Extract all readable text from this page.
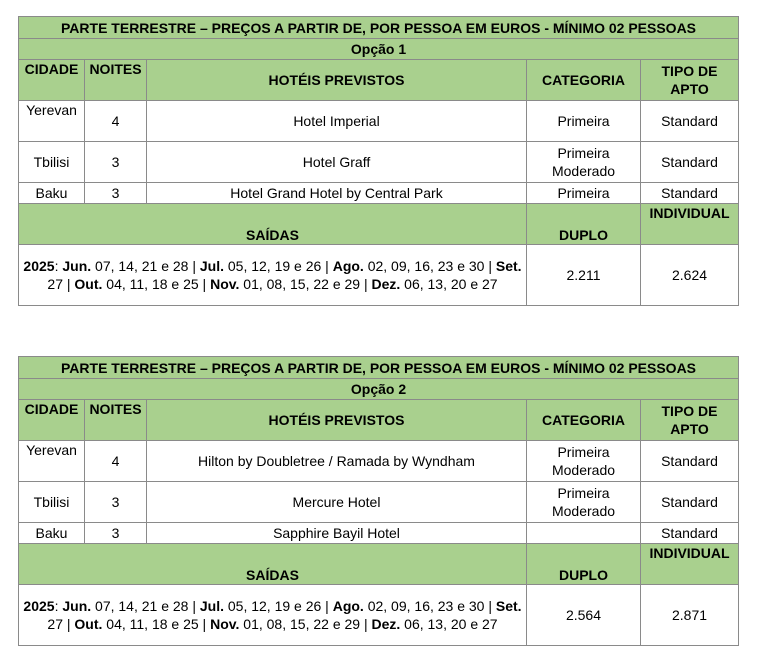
PARTE TERRESTRE – PREÇOS A PARTIR DE, POR PESSOA EM EUROS - MÍNIMO 02 PESSOAS				
Opção 1				
CIDADE	NOITES	HOTÉIS PREVISTOS	CATEGORIA	TIPO DE APTO
Yerevan	4	Hotel Imperial	Primeira	Standard
Tbilisi	3	Hotel Graff	Primeira Moderado	Standard
Baku	3	Hotel Grand Hotel by Central Park	Primeira	Standard
SAÍDAS			DUPLO	INDIVIDUAL
2025: Jun. 07, 14, 21 e 28 | Jul. 05, 12, 19 e 26 | Ago. 02, 09, 16, 23 e 30 | Set. 27 | Out. 04, 11, 18 e 25 | Nov. 01, 08, 15, 22 e 29 | Dez. 06, 13, 20 e 27			2.211	2.624
PARTE TERRESTRE – PREÇOS A PARTIR DE, POR PESSOA EM EUROS - MÍNIMO 02 PESSOAS				
Opção 2				
CIDADE	NOITES	HOTÉIS PREVISTOS	CATEGORIA	TIPO DE APTO
Yerevan	4	Hilton by Doubletree / Ramada by Wyndham	Primeira Moderado	Standard
Tbilisi	3	Mercure Hotel	Primeira Moderado	Standard
Baku	3	Sapphire Bayil Hotel		Standard
SAÍDAS			DUPLO	INDIVIDUAL
2025: Jun. 07, 14, 21 e 28 | Jul. 05, 12, 19 e 26 | Ago. 02, 09, 16, 23 e 30 | Set. 27 | Out. 04, 11, 18 e 25 | Nov. 01, 08, 15, 22 e 29 | Dez. 06, 13, 20 e 27			2.564	2.871
